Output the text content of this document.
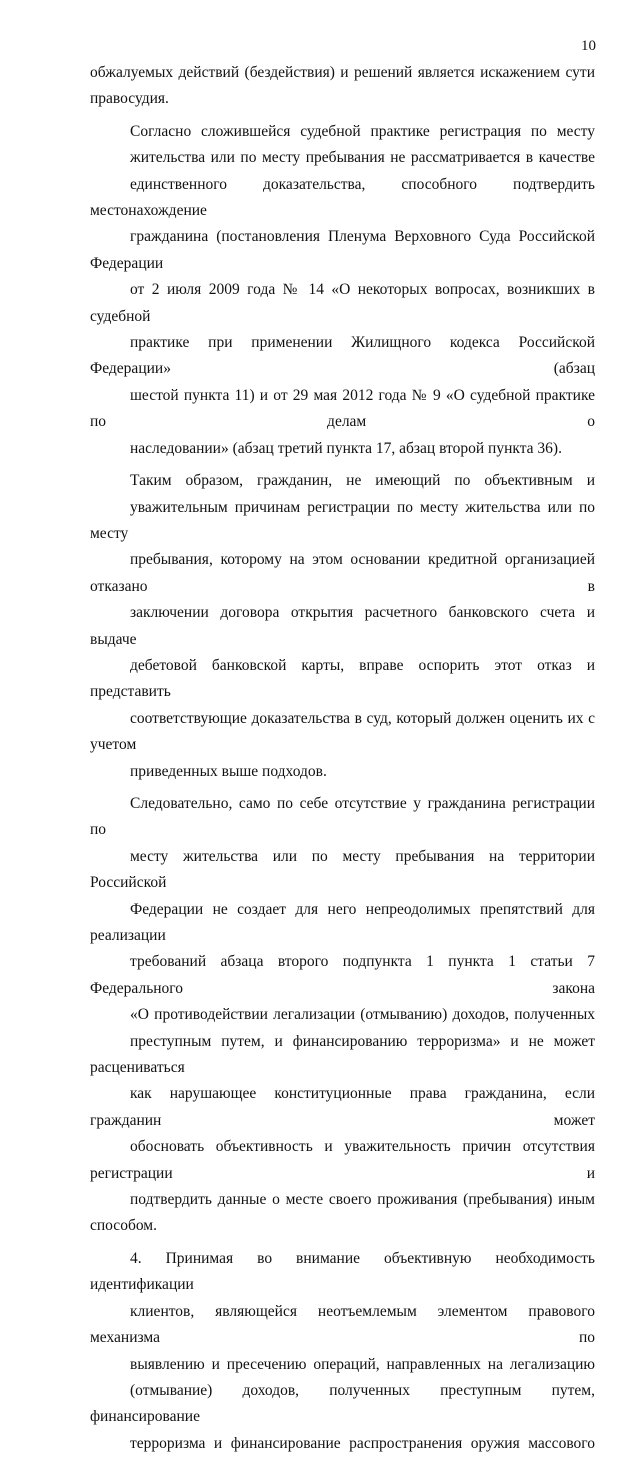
10

обжалуемых действий (бездействия) и решений является искажением сути
правосудия.

Согласно сложившейся судебной практике регистрация по месту
жительства или по месту пребывания не рассматривается в качестве
единственного доказательства, способного подтвердить местонахождение
гражданина (постановления Пленума Верховного Суда Российской Федерации
от 2 июля 2009 года № 14 «О некоторых вопросах, возникших в судебной
практике при применении Жилищного кодекса Российской Федерации» (абзац
шестой пункта 11) и от 29 мая 2012 года № 9 «О судебной практике по делам о
наследовании» (абзац третий пункта 17, абзац второй пункта 36).

Таким образом, гражданин, не имеющий по объективным и
уважительным причинам регистрации по месту жительства или по месту
пребывания, которому на этом основании кредитной организацией отказано в
заключении договора открытия расчетного банковского счета и выдаче
дебетовой банковской карты, вправе оспорить этот отказ и представить
соответствующие доказательства в суд, который должен оценить их с учетом
приведенных выше подходов.

Следовательно, само по себе отсутствие у гражданина регистрации по
месту жительства или по месту пребывания на территории Российской
Федерации не создает для него непреодолимых препятствий для реализации
требований абзаца второго подпункта 1 пункта 1 статьи 7 Федерального закона
«О противодействии легализации (отмыванию) доходов, полученных
преступным путем, и финансированию терроризма» и не может расцениваться
как нарушающее конституционные права гражданина, если гражданин может
обосновать объективность и уважительность причин отсутствия регистрации и
подтвердить данные о месте своего проживания (пребывания) иным способом.

4. Принимая во внимание объективную необходимость идентификации
клиентов, являющейся неотъемлемым элементом правового механизма по
выявлению и пресечению операций, направленных на легализацию
(отмывание) доходов, полученных преступным путем, финансирование
терроризма и финансирование распространения оружия массового
